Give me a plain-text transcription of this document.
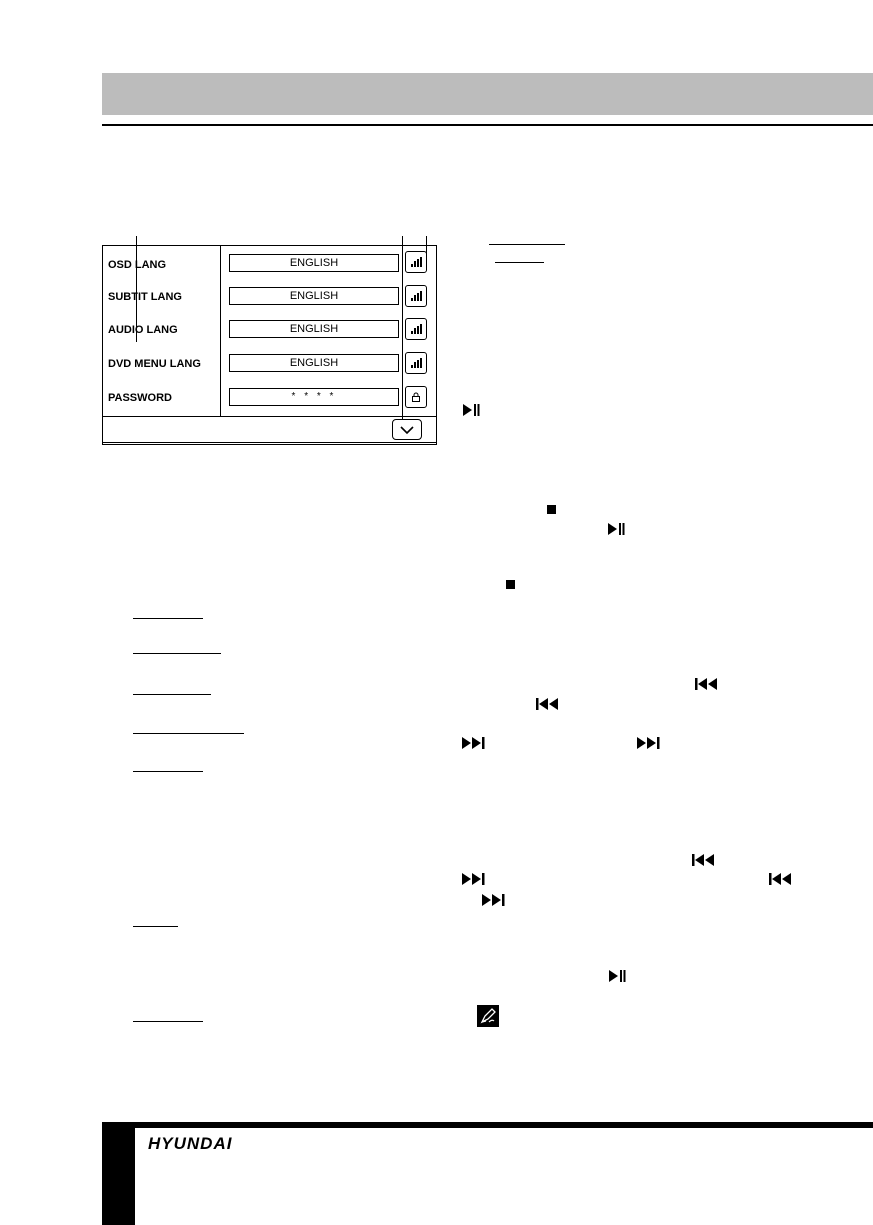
OSD LANG	ENGLISH
SUBTIT LANG	ENGLISH
AUDIO LANG	ENGLISH
DVD MENU LANG	ENGLISH
PASSWORD	* * * *
HYUNDAI
